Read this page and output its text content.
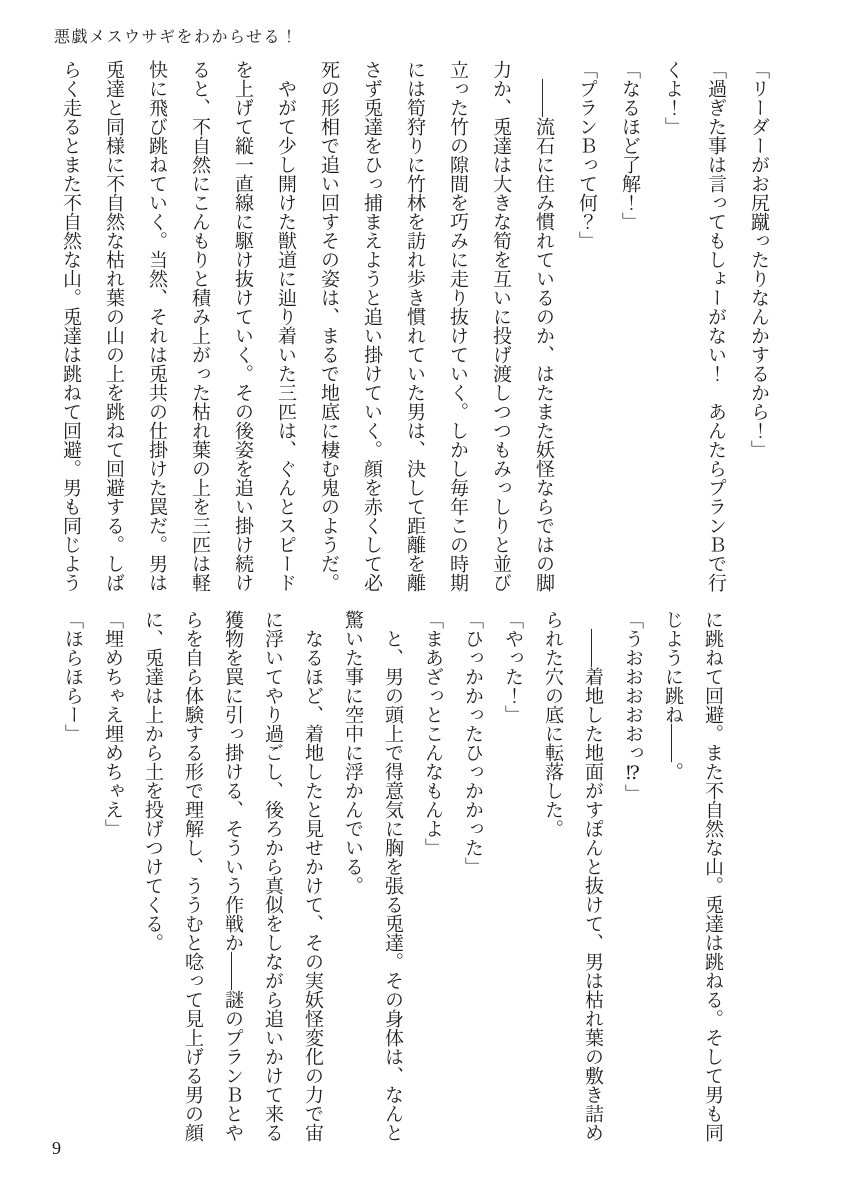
悪戯メスウサギをわからせる！

「リーダーがお尻蹴ったりなんかするから！」

「過ぎた事は言ってもしょーがない！　あんたらプランＢで行

くよ！」

「なるほど了解！」

「プランＢって何？」

　――流石に住み慣れているのか、はたまた妖怪ならではの脚

力か、兎達は大きな筍を互いに投げ渡しつつもみっしりと並び

立った竹の隙間を巧みに走り抜けていく。しかし毎年この時期

には筍狩りに竹林を訪れ歩き慣れていた男は、決して距離を離

さず兎達をひっ捕まえようと追い掛けていく。顔を赤くして必

死の形相で追い回すその姿は、まるで地底に棲む鬼のようだ。

　やがて少し開けた獣道に辿り着いた三匹は、ぐんとスピード

を上げて縦一直線に駆け抜けていく。その後姿を追い掛け続け

ると、不自然にこんもりと積み上がった枯れ葉の上を三匹は軽

快に飛び跳ねていく。当然、それは兎共の仕掛けた罠だ。男は

兎達と同様に不自然な枯れ葉の山の上を跳ねて回避する。しば

らく走るとまた不自然な山。兎達は跳ねて回避。男も同じよう

に跳ねて回避。また不自然な山。兎達は跳ねる。そして男も同

じように跳ね――。

「うおおおおおっ⁉」

　――着地した地面がすぽんと抜けて、男は枯れ葉の敷き詰め

られた穴の底に転落した。

「やった！」

「ひっかかったひっかかった」

「まあざっとこんなもんよ」

　と、男の頭上で得意気に胸を張る兎達。その身体は、なんと

驚いた事に空中に浮かんでいる。

　なるほど、着地したと見せかけて、その実妖怪変化の力で宙

に浮いてやり過ごし、後ろから真似をしながら追いかけて来る

獲物を罠に引っ掛ける、そういう作戦か――謎のプランＢとや

らを自ら体験する形で理解し、ううむと唸って見上げる男の顔

に、兎達は上から土を投げつけてくる。

「埋めちゃえ埋めちゃえ」

「ほらほらー」

9
